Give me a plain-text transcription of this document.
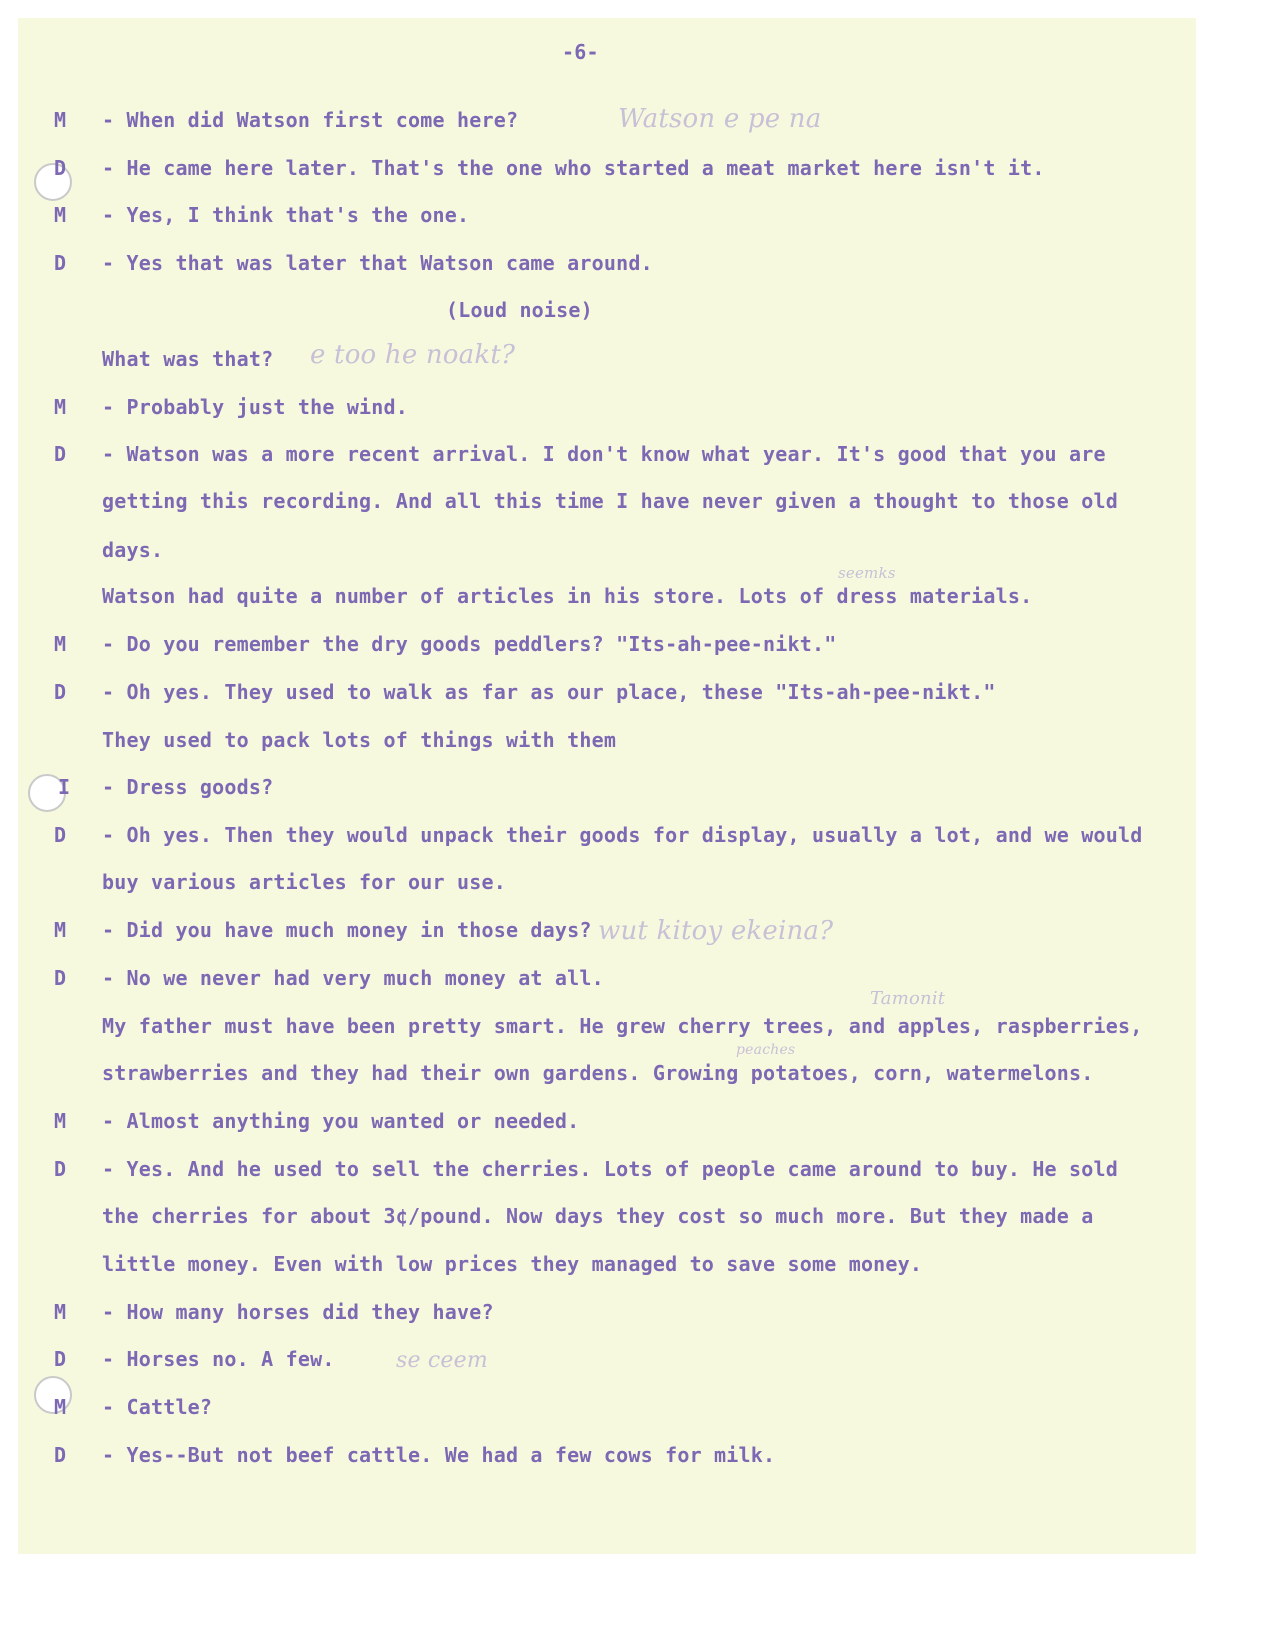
-6-
Watson e pe na
e too he noakt?
seemks
wut kitoy ekeina?
Tamonit
peaches
se ceem
M - When did Watson first come here?
D - He came here later. That's the one who started a meat market here isn't it.
M - Yes, I think that's the one.
D - Yes that was later that Watson came around.
(Loud noise)
What was that?
M - Probably just the wind.
D - Watson was a more recent arrival. I don't know what year. It's good that you are
getting this recording. And all this time I have never given a thought to those old
days.
Watson had quite a number of articles in his store. Lots of dress materials.
M - Do you remember the dry goods peddlers? "Its-ah-pee-nikt."
D - Oh yes. They used to walk as far as our place, these "Its-ah-pee-nikt."
They used to pack lots of things with them
I - Dress goods?
D - Oh yes. Then they would unpack their goods for display, usually a lot, and we would
buy various articles for our use.
M - Did you have much money in those days?
D - No we never had very much money at all.
My father must have been pretty smart. He grew cherry trees, and apples, raspberries,
strawberries and they had their own gardens. Growing potatoes, corn, watermelons.
M - Almost anything you wanted or needed.
D - Yes. And he used to sell the cherries. Lots of people came around to buy. He sold
the cherries for about 3¢/pound. Now days they cost so much more. But they made a
little money. Even with low prices they managed to save some money.
M - How many horses did they have?
D - Horses no. A few.
M - Cattle?
D - Yes--But not beef cattle. We had a few cows for milk.
